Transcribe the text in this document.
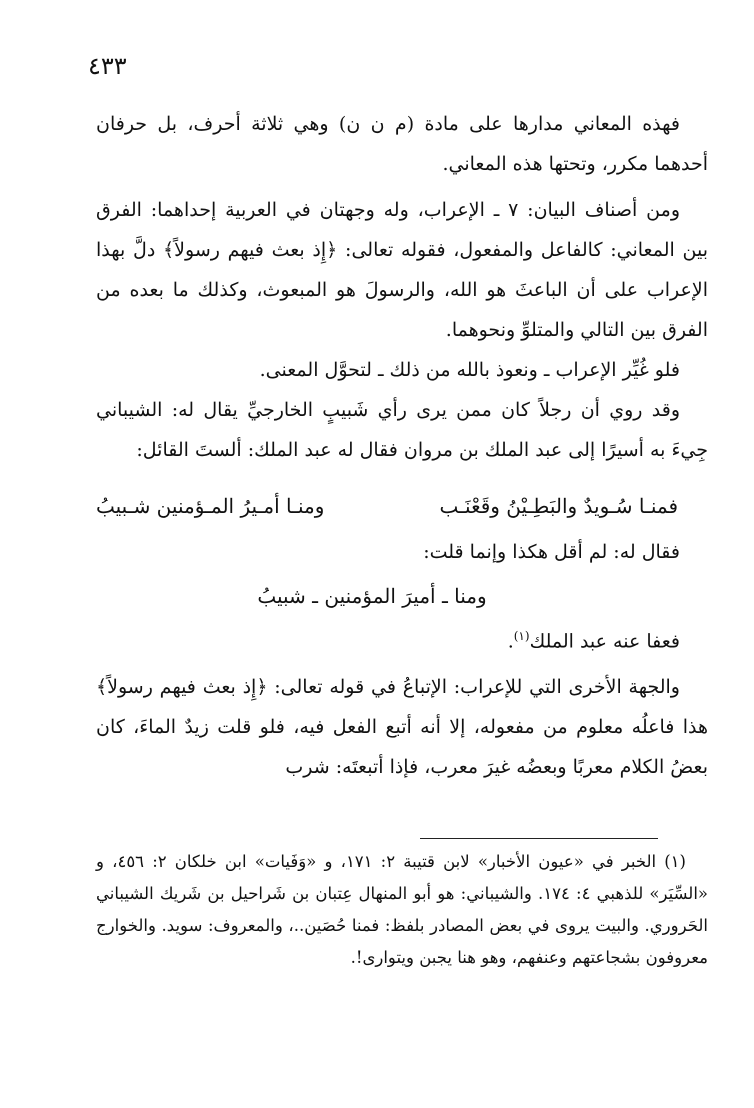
٤٣٣

فهذه المعاني مدارها على مادة (م ن ن) وهي ثلاثة أحرف، بل حرفان أحدهما مكرر، وتحتها هذه المعاني.

ومن أصناف البيان: ٧ ـ الإعراب، وله وجهتان في العربية إحداهما: الفرق بين المعاني: كالفاعل والمفعول، فقوله تعالى: ﴿إِذ بعث فيهم رسولاً﴾ دلَّ بهذا الإعراب على أن الباعثَ هو الله، والرسولَ هو المبعوث، وكذلك ما بعده من الفرق بين التالي والمتلوِّ ونحوهما.

فلو غُيِّر الإعراب ـ ونعوذ بالله من ذلك ـ لتحوَّل المعنى.

وقد روي أن رجلاً كان ممن يرى رأي شَبيبٍ الخارجيِّ يقال له: الشيباني جِيءَ به أسيرًا إلى عبد الملك بن مروان فقال له عبد الملك: ألستَ القائل:

فمنـا سُـويدٌ والبَطِـيْنُ وقَعْنَـب
ومنـا أمـيرُ المـؤمنين شـبيبُ

فقال له: لم أقل هكذا وإنما قلت:

ومنا ـ أميرَ المؤمنين ـ شبيبُ

فعفا عنه عبد الملك$^{(١)}$.

والجهة الأخرى التي للإعراب: الإتباعُ في قوله تعالى: ﴿إِذ بعث فيهم رسولاً﴾ هذا فاعلُه معلوم من مفعوله، إلا أنه أتبع الفعل فيه، فلو قلت زيدٌ الماءَ، كان بعضُ الكلام معربًا وبعضُه غيرَ معرب، فإذا أتبعتَه: شرب

(١) الخبر في «عيون الأخبار» لابن قتيبة ٢: ١٧١، و «وَفَيات» ابن خلكان ٢: ٤٥٦، و «السِّيَر» للذهبي ٤: ١٧٤. والشيباني: هو أبو المنهال عِتبان بن شَراحيل بن شَريك الشيباني الحَروري. والبيت يروى في بعض المصادر بلفظ: فمنا حُصَين..، والمعروف: سويد. والخوارج معروفون بشجاعتهم وعنفهم، وهو هنا يجبن ويتوارى!.
